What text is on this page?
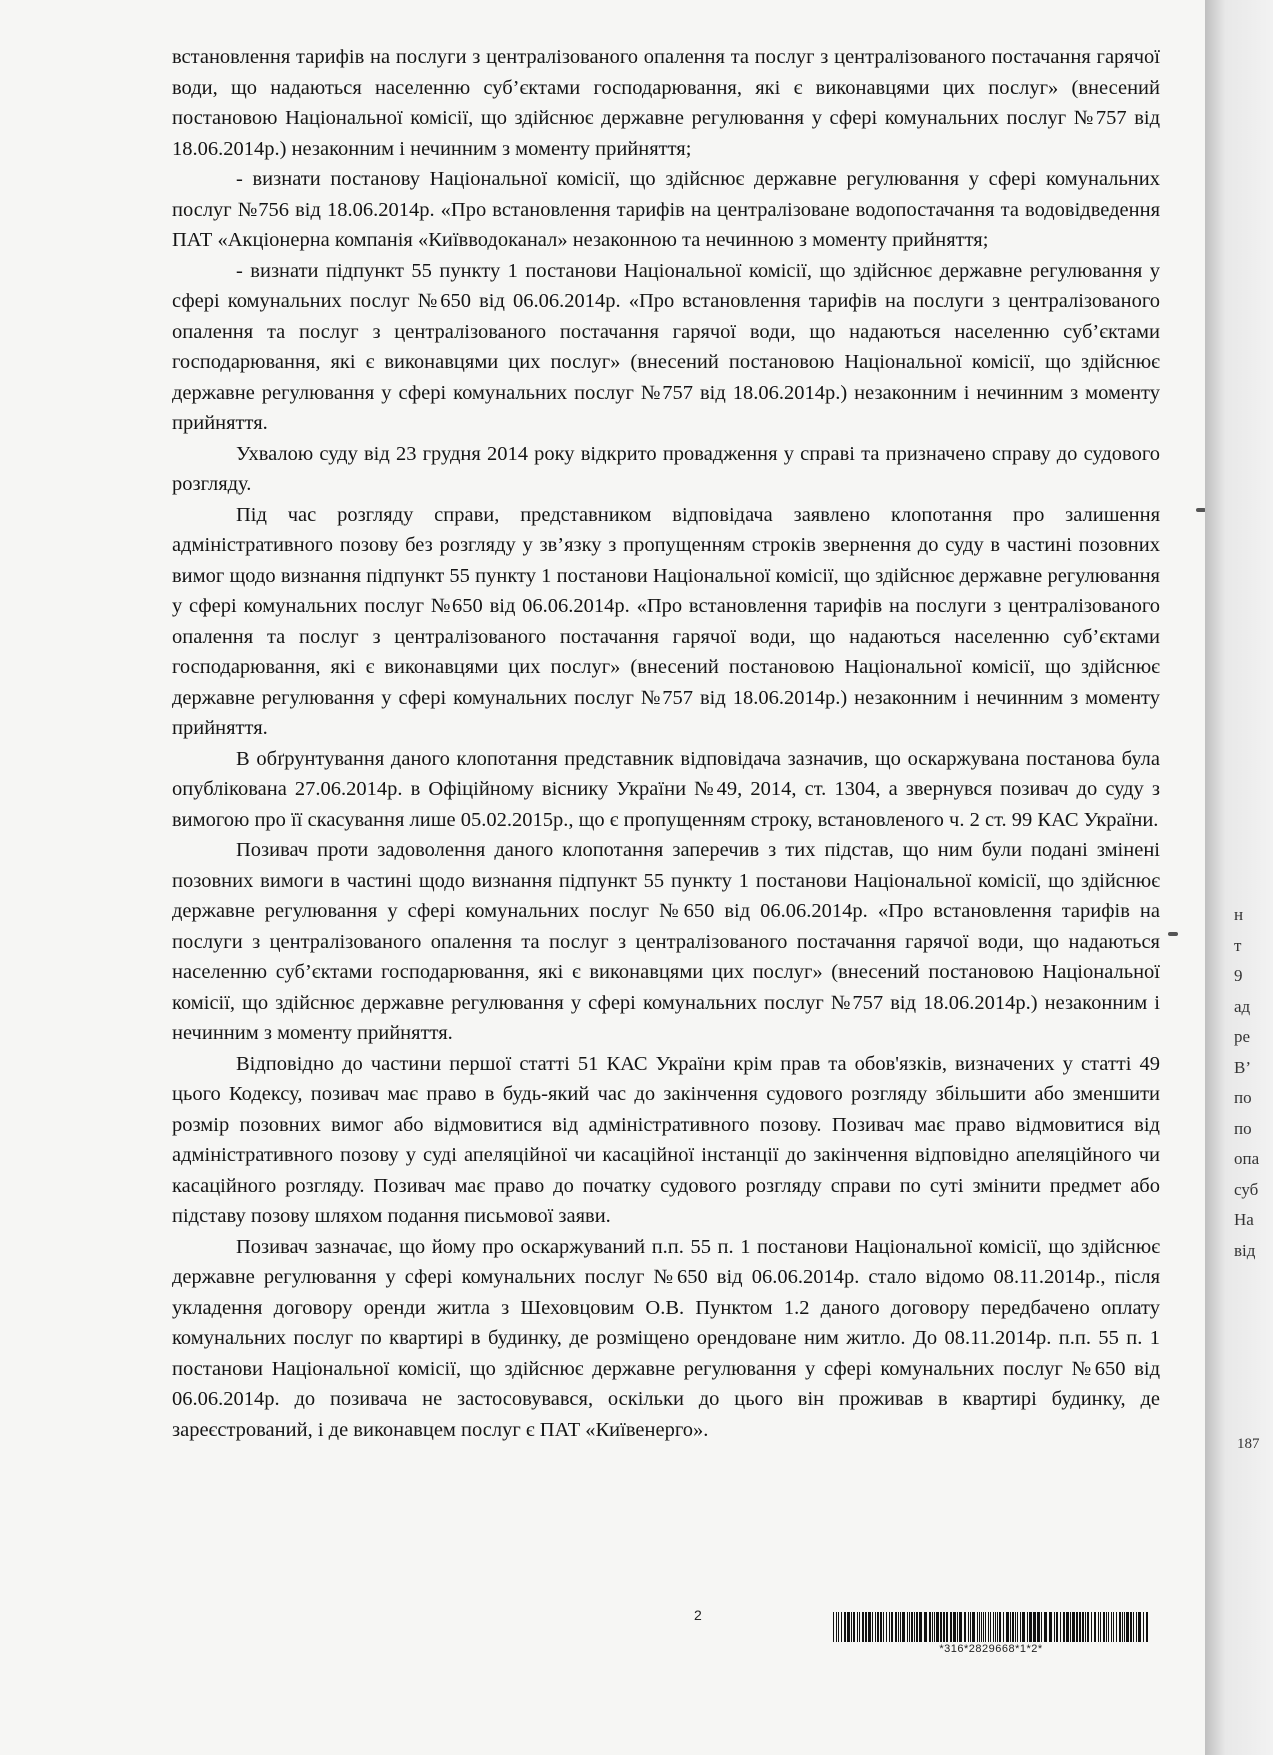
встановлення тарифів на послуги з централізованого опалення та послуг з централізованого постачання гарячої води, що надаються населенню суб’єктами господарювання, які є виконавцями цих послуг» (внесений постановою Національної комісії, що здійснює державне регулювання у сфері комунальних послуг №757 від 18.06.2014р.) незаконним і нечинним з моменту прийняття;

- визнати постанову Національної комісії, що здійснює державне регулювання у сфері комунальних послуг №756 від 18.06.2014р. «Про встановлення тарифів на централізоване водопостачання та водовідведення ПАТ «Акціонерна компанія «Київводоканал» незаконною та нечинною з моменту прийняття;

- визнати підпункт 55 пункту 1 постанови Національної комісії, що здійснює державне регулювання у сфері комунальних послуг №650 від 06.06.2014р. «Про встановлення тарифів на послуги з централізованого опалення та послуг з централізованого постачання гарячої води, що надаються населенню суб’єктами господарювання, які є виконавцями цих послуг» (внесений постановою Національної комісії, що здійснює державне регулювання у сфері комунальних послуг №757 від 18.06.2014р.) незаконним і нечинним з моменту прийняття.

Ухвалою суду від 23 грудня 2014 року відкрито провадження у справі та призначено справу до судового розгляду.

Під час розгляду справи, представником відповідача заявлено клопотання про залишення адміністративного позову без розгляду у зв’язку з пропущенням строків звернення до суду в частині позовних вимог щодо визнання підпункт 55 пункту 1 постанови Національної комісії, що здійснює державне регулювання у сфері комунальних послуг №650 від 06.06.2014р. «Про встановлення тарифів на послуги з централізованого опалення та послуг з централізованого постачання гарячої води, що надаються населенню суб’єктами господарювання, які є виконавцями цих послуг» (внесений постановою Національної комісії, що здійснює державне регулювання у сфері комунальних послуг №757 від 18.06.2014р.) незаконним і нечинним з моменту прийняття.

В обґрунтування даного клопотання представник відповідача зазначив, що оскаржувана постанова була опублікована 27.06.2014р. в Офіційному віснику України №49, 2014, ст. 1304, а звернувся позивач до суду з вимогою про її скасування лише 05.02.2015р., що є пропущенням строку, встановленого ч. 2 ст. 99 КАС України.

Позивач проти задоволення даного клопотання заперечив з тих підстав, що ним були подані змінені позовних вимоги в частині щодо визнання підпункт 55 пункту 1 постанови Національної комісії, що здійснює державне регулювання у сфері комунальних послуг №650 від 06.06.2014р. «Про встановлення тарифів на послуги з централізованого опалення та послуг з централізованого постачання гарячої води, що надаються населенню суб’єктами господарювання, які є виконавцями цих послуг» (внесений постановою Національної комісії, що здійснює державне регулювання у сфері комунальних послуг №757 від 18.06.2014р.) незаконним і нечинним з моменту прийняття.

Відповідно до частини першої статті 51 КАС України крім прав та обов'язків, визначених у статті 49 цього Кодексу, позивач має право в будь-який час до закінчення судового розгляду збільшити або зменшити розмір позовних вимог або відмовитися від адміністративного позову. Позивач має право відмовитися від адміністративного позову у суді апеляційної чи касаційної інстанції до закінчення відповідно апеляційного чи касаційного розгляду. Позивач має право до початку судового розгляду справи по суті змінити предмет або підставу позову шляхом подання письмової заяви.

Позивач зазначає, що йому про оскаржуваний п.п. 55 п. 1 постанови Національної комісії, що здійснює державне регулювання у сфері комунальних послуг №650 від 06.06.2014р. стало відомо 08.11.2014р., після укладення договору оренди житла з Шеховцовим О.В. Пунктом 1.2 даного договору передбачено оплату комунальних послуг по квартирі в будинку, де розміщено орендоване ним житло. До 08.11.2014р. п.п. 55 п. 1 постанови Національної комісії, що здійснює державне регулювання у сфері комунальних послуг №650 від 06.06.2014р. до позивача не застосовувався, оскільки до цього він проживав в квартирі будинку, де зареєстрований, і де виконавцем послуг є ПАТ «Київенерго».

2
*316*2829668*1*2*
н
т
9
ад
ре
В’
по
по
опа
суб
На
від
187
